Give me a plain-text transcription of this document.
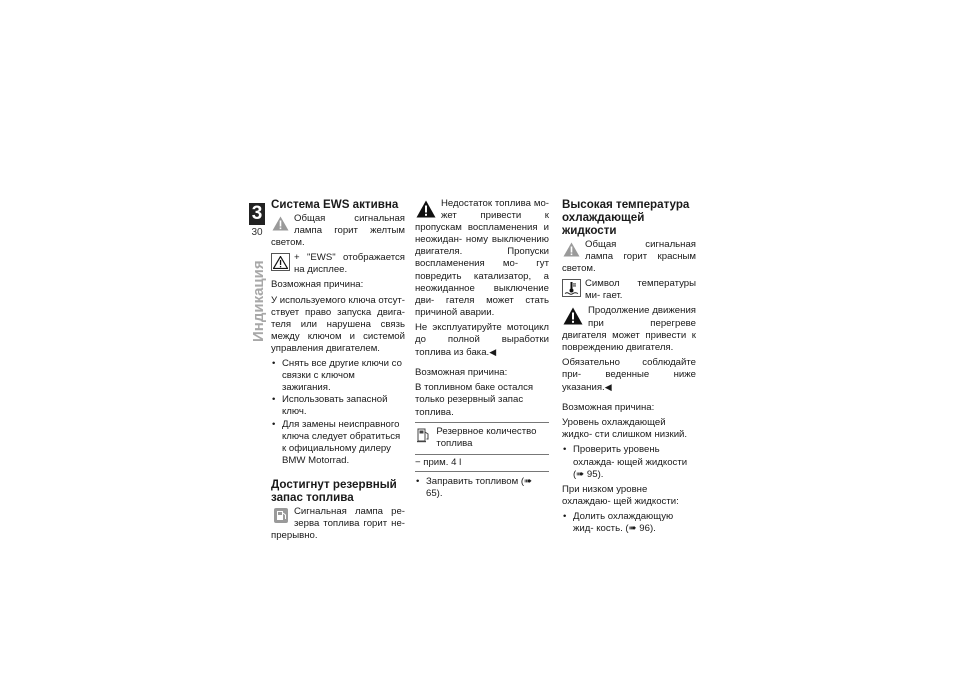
3
30
Индикация
Система EWS активна

Общая сигнальная лампа горит желтым светом.

+ "EWS" отображается на дисплее.

Возможная причина:

У используемого ключа отсут- ствует право запуска двига- теля или нарушена связь между ключом и системой управления двигателем.

• Снять все другие ключи со связки с ключом зажигания.
• Использовать запасной ключ.
• Для замены неисправного ключа следует обратиться к официальному дилеру BMW Motorrad.
Достигнут резервный
запас топлива

Сигнальная лампа ре- зерва топлива горит не- прерывно.

Недостаток топлива мо- жет привести к пропускам воспламенения и неожидан- ному выключению двигателя. Пропуски воспламенения мо- гут повредить катализатор, а неожиданное выключение дви- гателя может стать причиной аварии.

Не эксплуатируйте мотоцикл до полной выработки топлива из бака.◀

Возможная причина:

В топливном баке остался только резервный запас топлива.

Резервное количество топлива
− прим. 4 l
• Заправить топливом (➠ 65).
Высокая температура
охлаждающей жидкости

Общая сигнальная лампа горит красным светом.

Символ температуры ми- гает.

Продолжение движения при перегреве двигателя может привести к повреждению двигателя.

Обязательно соблюдайте при- веденные ниже указания.◀

Возможная причина:

Уровень охлаждающей жидко- сти слишком низкий.

• Проверить уровень охлажда- ющей жидкости (➠ 95).

При низком уровне охлаждаю- щей жидкости:

• Долить охлаждающую жид- кость. (➠ 96).
